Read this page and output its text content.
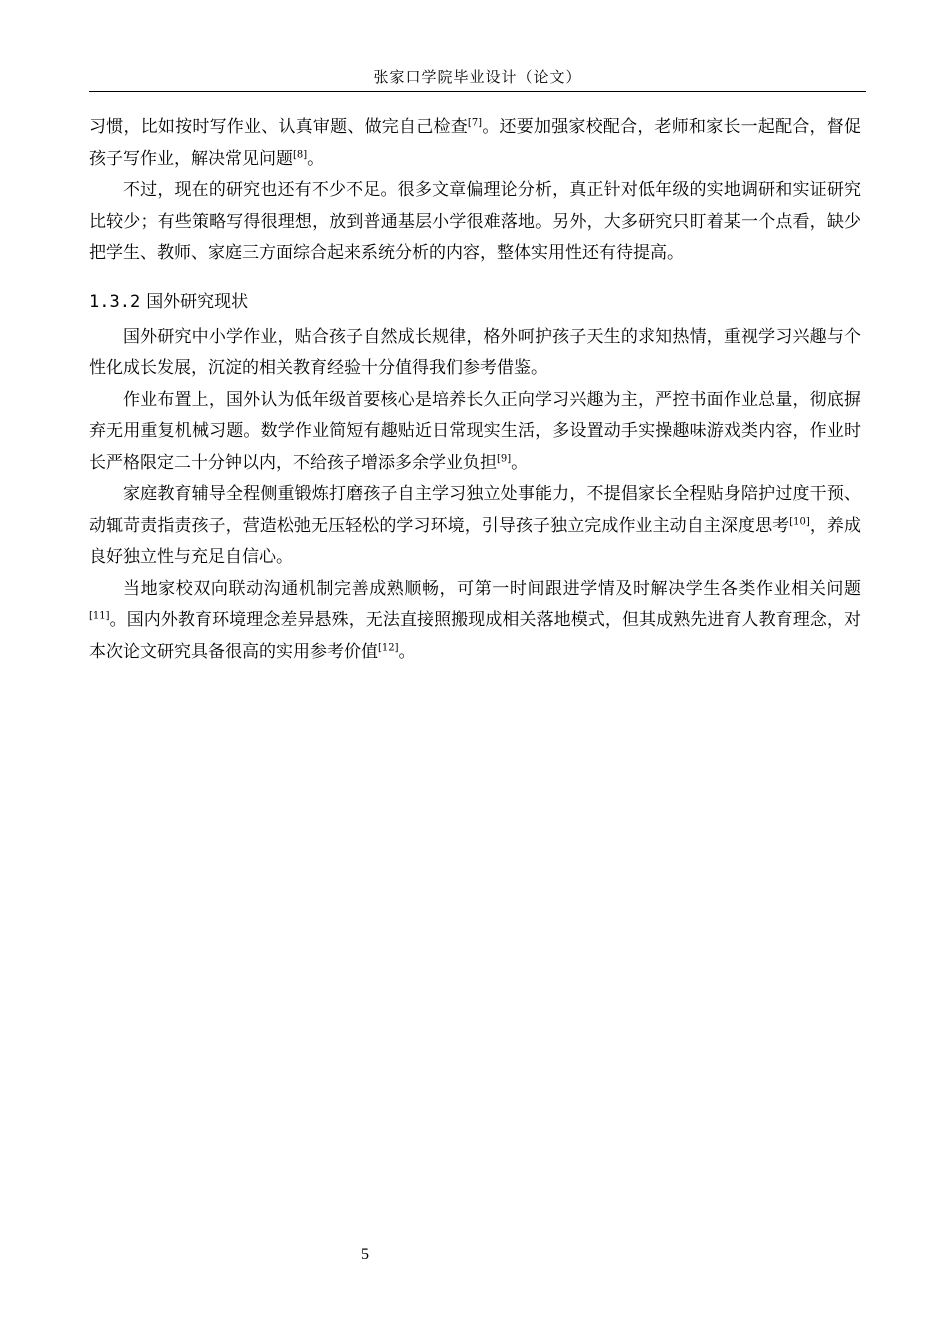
张家口学院毕业设计（论文）

习惯，比如按时写作业、认真审题、做完自己检查[7]。还要加强家校配合，老师和家长一起配合，督促孩子写作业，解决常见问题[8]。

不过，现在的研究也还有不少不足。很多文章偏理论分析，真正针对低年级的实地调研和实证研究比较少；有些策略写得很理想，放到普通基层小学很难落地。另外，大多研究只盯着某一个点看，缺少把学生、教师、家庭三方面综合起来系统分析的内容，整体实用性还有待提高。

1.3.2 国外研究现状

国外研究中小学作业，贴合孩子自然成长规律，格外呵护孩子天生的求知热情，重视学习兴趣与个性化成长发展，沉淀的相关教育经验十分值得我们参考借鉴。

作业布置上，国外认为低年级首要核心是培养长久正向学习兴趣为主，严控书面作业总量，彻底摒弃无用重复机械习题。数学作业简短有趣贴近日常现实生活，多设置动手实操趣味游戏类内容，作业时长严格限定二十分钟以内，不给孩子增添多余学业负担[9]。

家庭教育辅导全程侧重锻炼打磨孩子自主学习独立处事能力，不提倡家长全程贴身陪护过度干预、动辄苛责指责孩子，营造松弛无压轻松的学习环境，引导孩子独立完成作业主动自主深度思考[10]，养成良好独立性与充足自信心。

当地家校双向联动沟通机制完善成熟顺畅，可第一时间跟进学情及时解决学生各类作业相关问题[11]。国内外教育环境理念差异悬殊，无法直接照搬现成相关落地模式，但其成熟先进育人教育理念，对本次论文研究具备很高的实用参考价值[12]。

5
